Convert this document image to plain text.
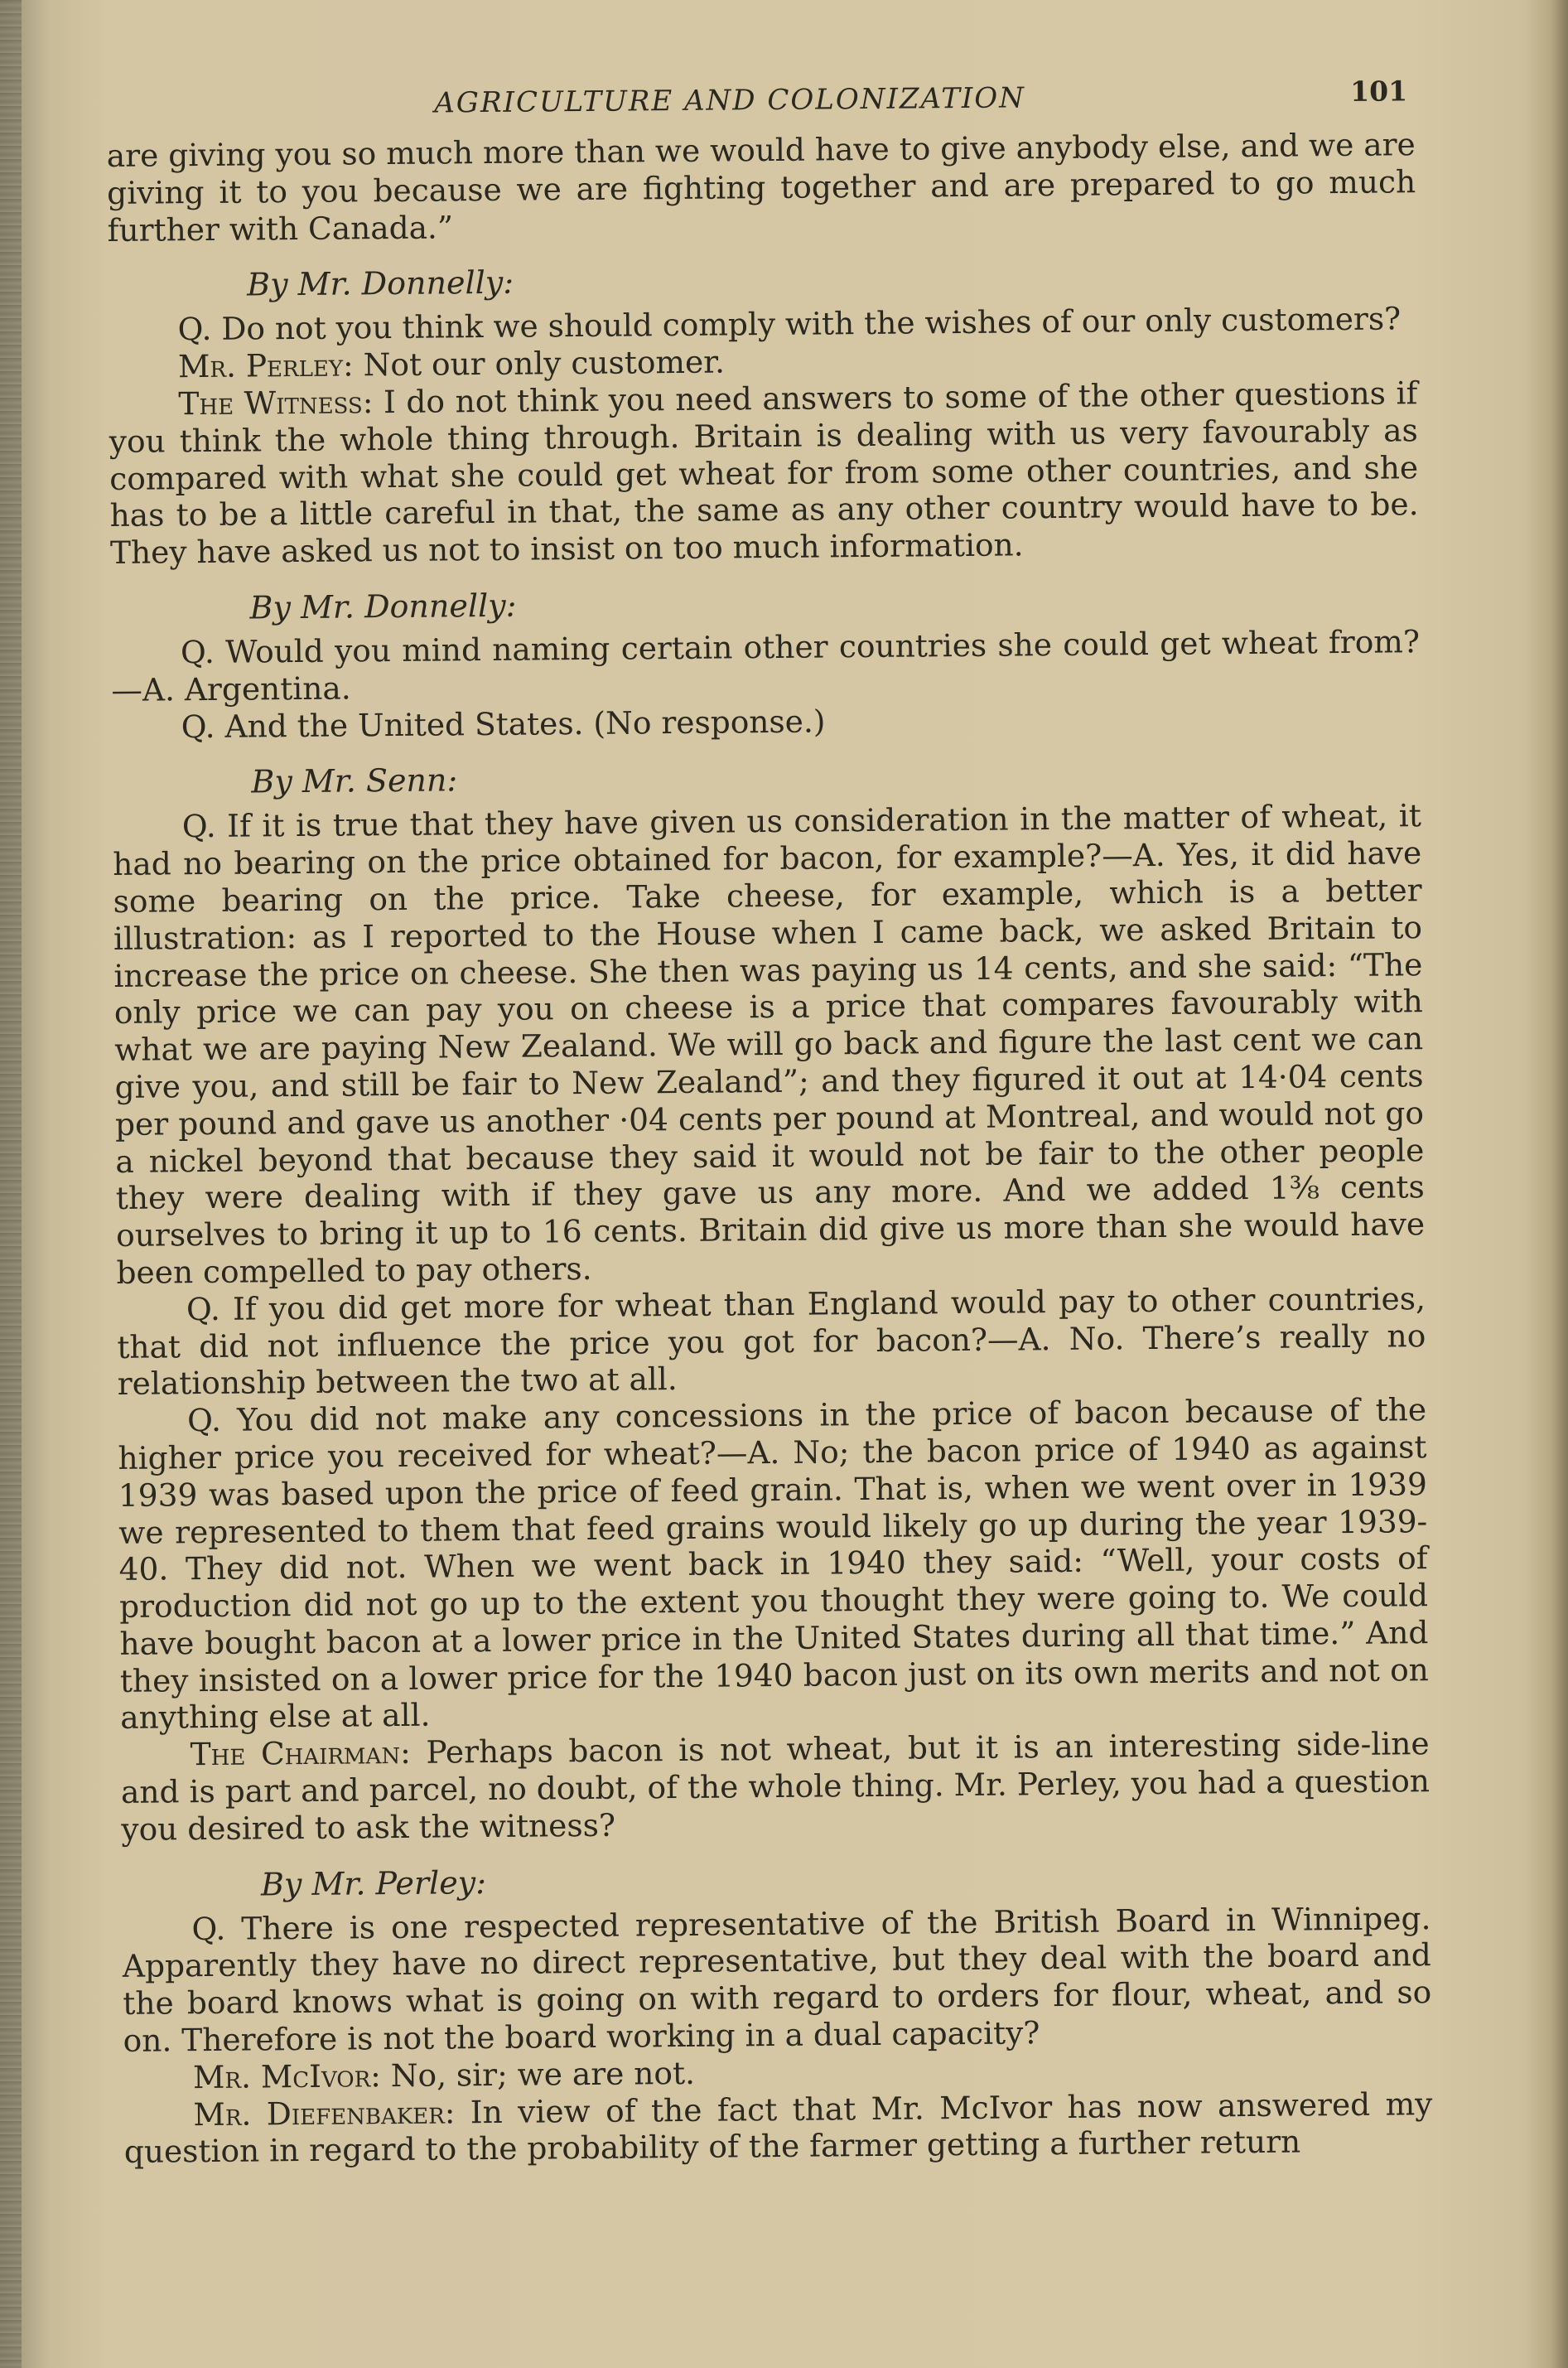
AGRICULTURE AND COLONIZATION	101

are giving you so much more than we would have to give anybody else, and we are giving it to you because we are fighting together and are prepared to go much further with Canada.”

By Mr. Donnelly:

Q. Do not you think we should comply with the wishes of our only customers?

Mr. Perley: Not our only customer.

The Witness: I do not think you need answers to some of the other questions if you think the whole thing through. Britain is dealing with us very favourably as compared with what she could get wheat for from some other countries, and she has to be a little careful in that, the same as any other country would have to be. They have asked us not to insist on too much information.

By Mr. Donnelly:

Q. Would you mind naming certain other countries she could get wheat from?—A. Argentina.

Q. And the United States. (No response.)

By Mr. Senn:

Q. If it is true that they have given us consideration in the matter of wheat, it had no bearing on the price obtained for bacon, for example?—A. Yes, it did have some bearing on the price. Take cheese, for example, which is a better illustration: as I reported to the House when I came back, we asked Britain to increase the price on cheese. She then was paying us 14 cents, and she said: “The only price we can pay you on cheese is a price that compares favourably with what we are paying New Zealand. We will go back and figure the last cent we can give you, and still be fair to New Zealand”; and they figured it out at 14·04 cents per pound and gave us another ·04 cents per pound at Montreal, and would not go a nickel beyond that because they said it would not be fair to the other people they were dealing with if they gave us any more. And we added 1⅜ cents ourselves to bring it up to 16 cents. Britain did give us more than she would have been compelled to pay others.

Q. If you did get more for wheat than England would pay to other countries, that did not influence the price you got for bacon?—A. No. There’s really no relationship between the two at all.

Q. You did not make any concessions in the price of bacon because of the higher price you received for wheat?—A. No; the bacon price of 1940 as against 1939 was based upon the price of feed grain. That is, when we went over in 1939 we represented to them that feed grains would likely go up during the year 1939-40. They did not. When we went back in 1940 they said: “Well, your costs of production did not go up to the extent you thought they were going to. We could have bought bacon at a lower price in the United States during all that time.” And they insisted on a lower price for the 1940 bacon just on its own merits and not on anything else at all.

The Chairman: Perhaps bacon is not wheat, but it is an interesting side-line and is part and parcel, no doubt, of the whole thing. Mr. Perley, you had a question you desired to ask the witness?

By Mr. Perley:

Q. There is one respected representative of the British Board in Winnipeg. Apparently they have no direct representative, but they deal with the board and the board knows what is going on with regard to orders for flour, wheat, and so on. Therefore is not the board working in a dual capacity?

Mr. McIvor: No, sir; we are not.

Mr. Diefenbaker: In view of the fact that Mr. McIvor has now answered my question in regard to the probability of the farmer getting a further return
